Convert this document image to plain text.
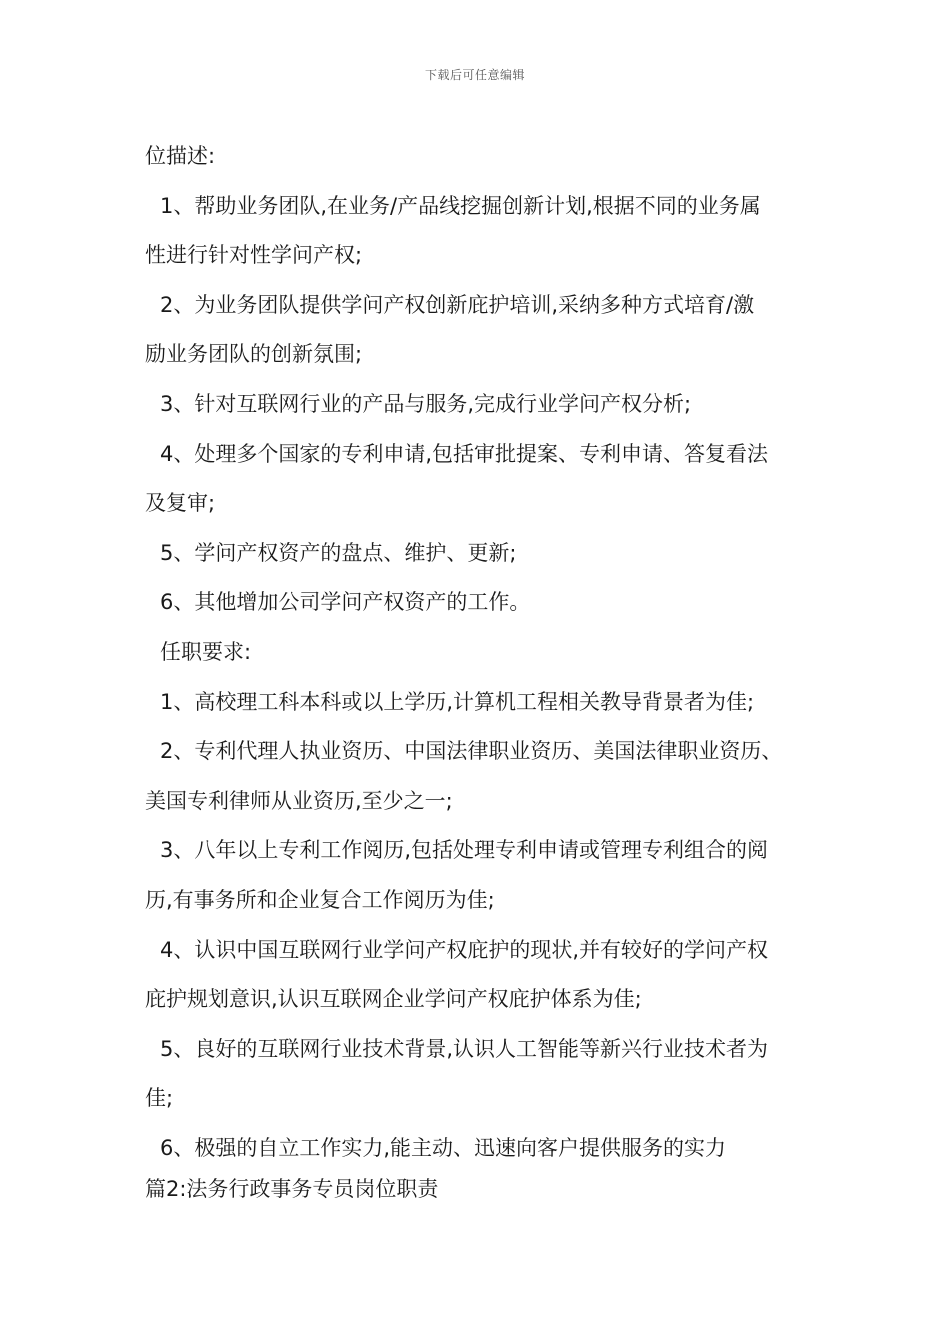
下载后可任意编辑
位描述:
1、帮助业务团队,在业务/产品线挖掘创新计划,根据不同的业务属
性进行针对性学问产权;
2、为业务团队提供学问产权创新庇护培训,采纳多种方式培育/激
励业务团队的创新氛围;
3、针对互联网行业的产品与服务,完成行业学问产权分析;
4、处理多个国家的专利申请,包括审批提案、专利申请、答复看法
及复审;
5、学问产权资产的盘点、维护、更新;
6、其他增加公司学问产权资产的工作。
任职要求:
1、高校理工科本科或以上学历,计算机工程相关教导背景者为佳;
2、专利代理人执业资历、中国法律职业资历、美国法律职业资历、
美国专利律师从业资历,至少之一;
3、八年以上专利工作阅历,包括处理专利申请或管理专利组合的阅
历,有事务所和企业复合工作阅历为佳;
4、认识中国互联网行业学问产权庇护的现状,并有较好的学问产权
庇护规划意识,认识互联网企业学问产权庇护体系为佳;
5、良好的互联网行业技术背景,认识人工智能等新兴行业技术者为
佳;
6、极强的自立工作实力,能主动、迅速向客户提供服务的实力
篇2:法务行政事务专员岗位职责
